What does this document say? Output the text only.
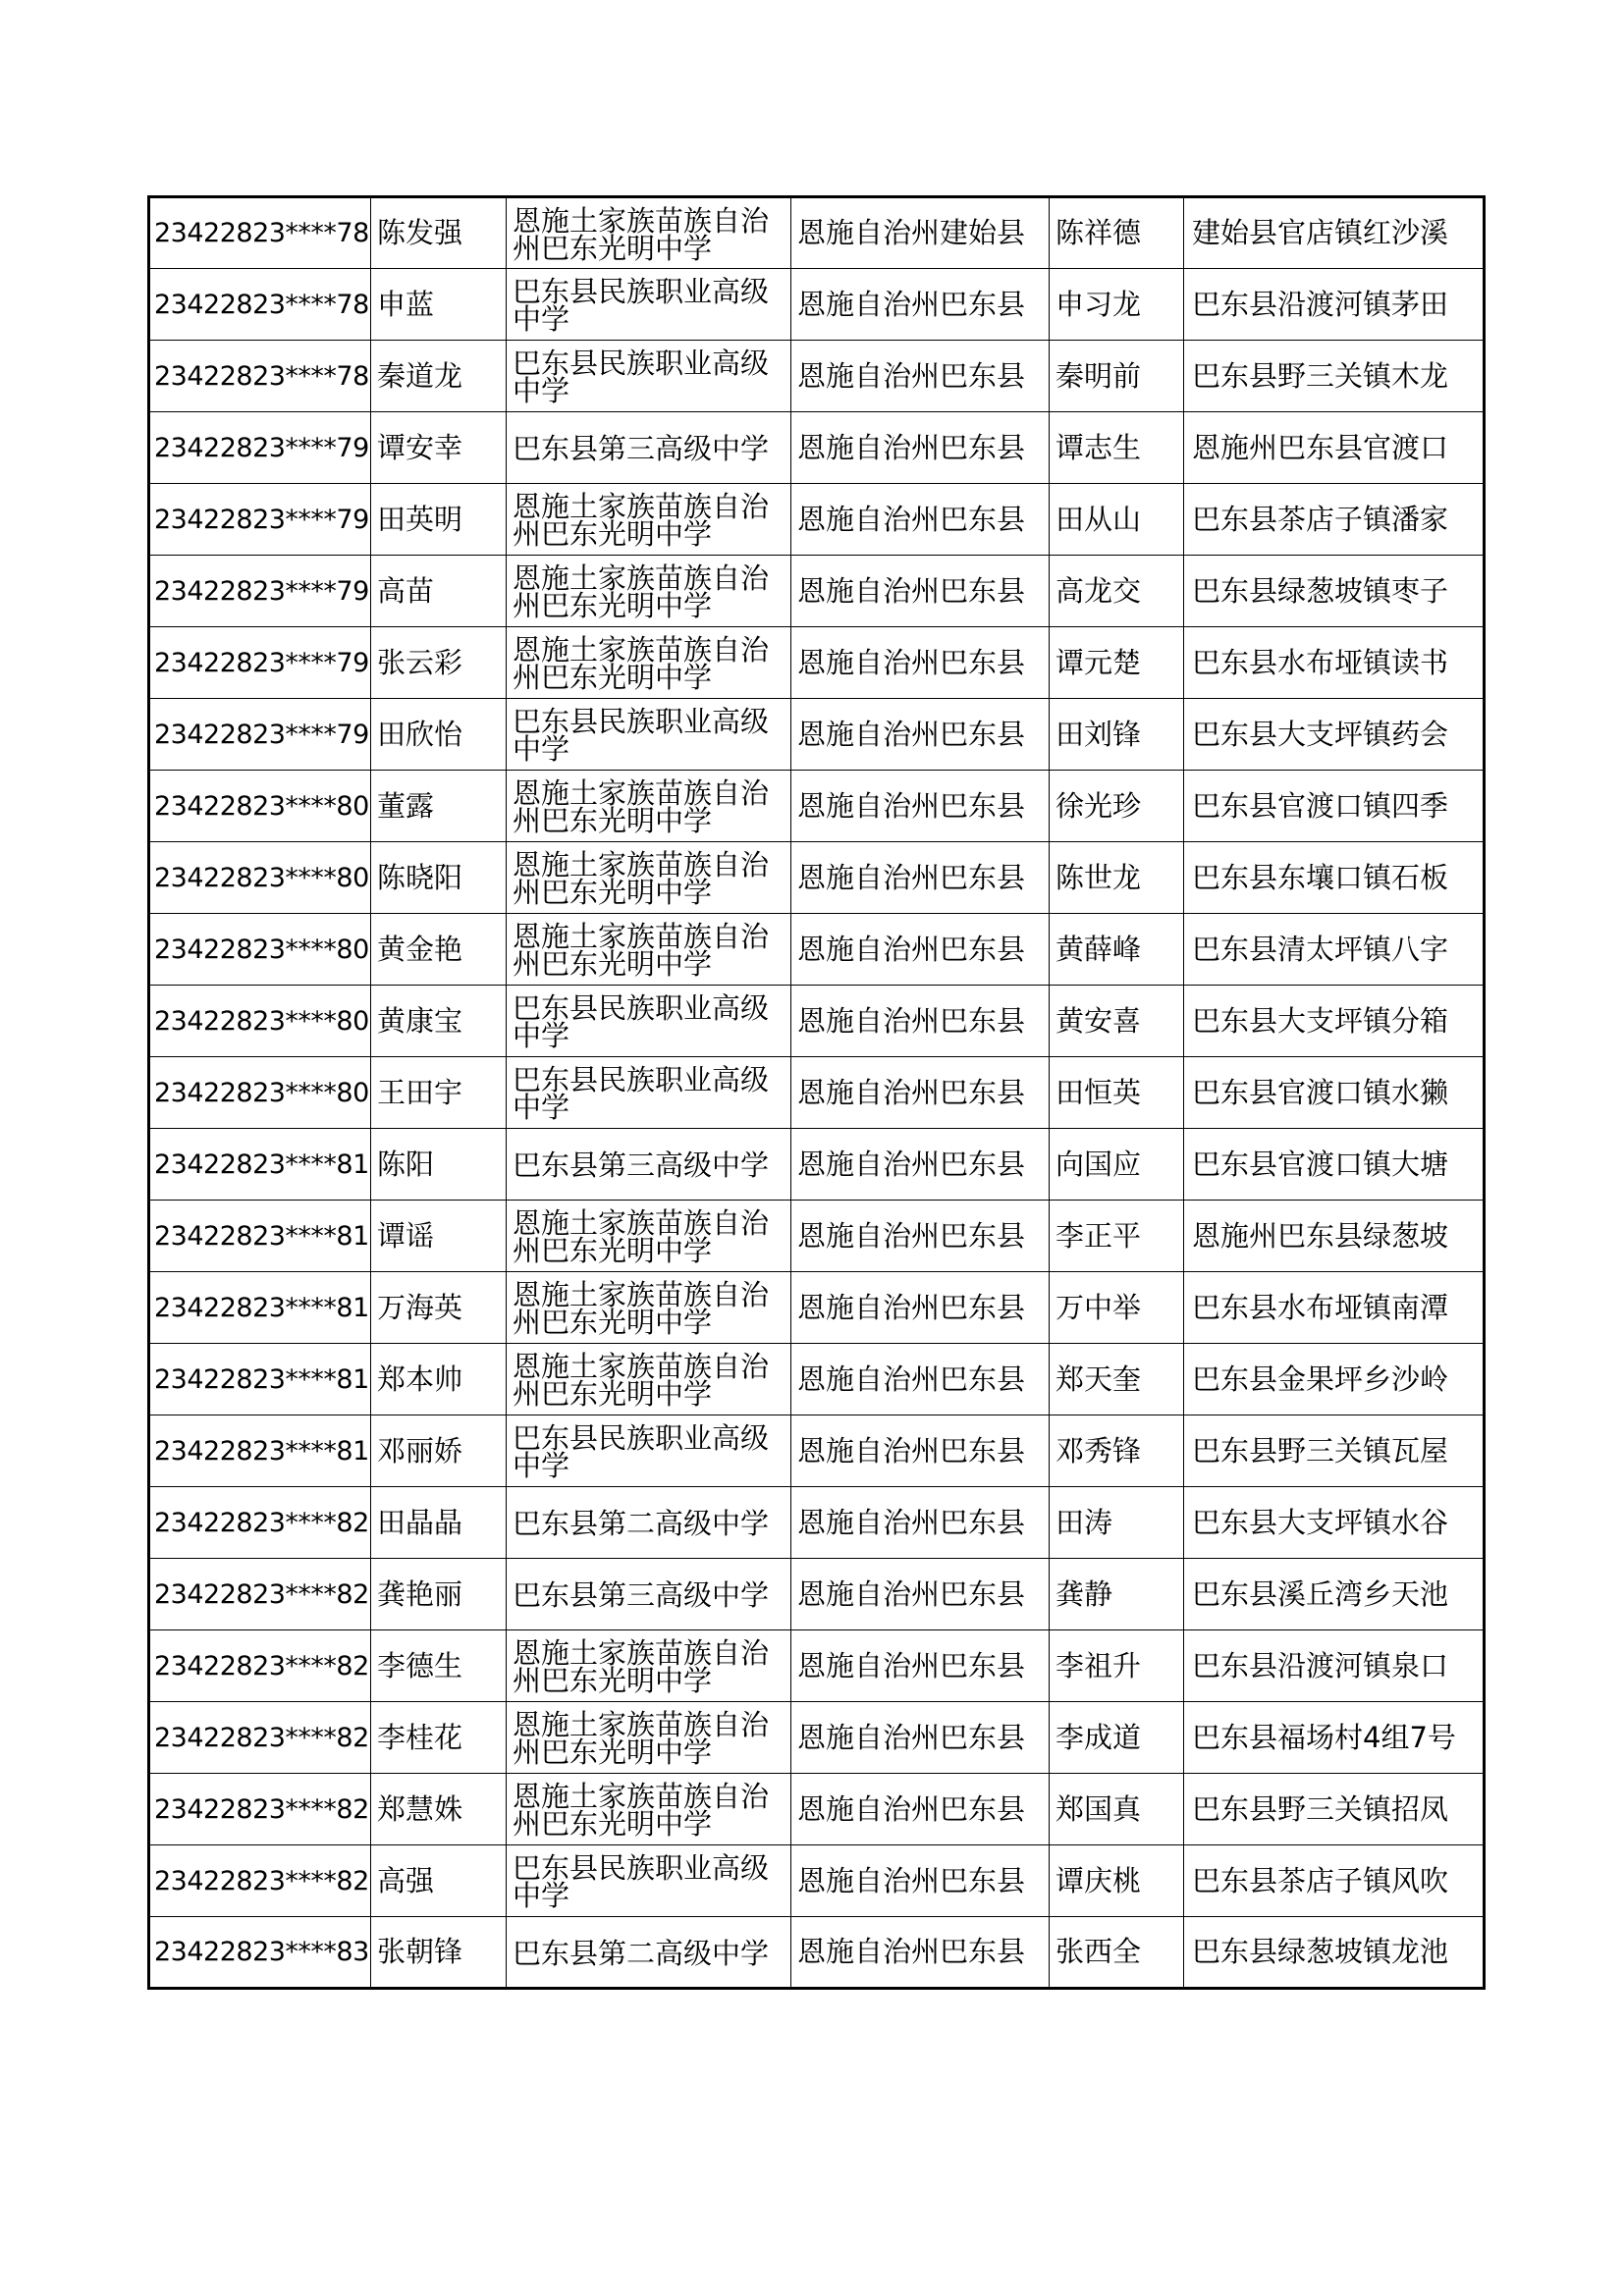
23422823****78	陈发强	恩施土家族苗族自治州巴东光明中学	恩施自治州建始县	陈祥德	建始县官店镇红沙溪
23422823****78	申蓝	巴东县民族职业高级中学	恩施自治州巴东县	申习龙	巴东县沿渡河镇茅田
23422823****78	秦道龙	巴东县民族职业高级中学	恩施自治州巴东县	秦明前	巴东县野三关镇木龙
23422823****79	谭安幸	巴东县第三高级中学	恩施自治州巴东县	谭志生	恩施州巴东县官渡口
23422823****79	田英明	恩施土家族苗族自治州巴东光明中学	恩施自治州巴东县	田从山	巴东县茶店子镇潘家
23422823****79	高苗	恩施土家族苗族自治州巴东光明中学	恩施自治州巴东县	高龙交	巴东县绿葱坡镇枣子
23422823****79	张云彩	恩施土家族苗族自治州巴东光明中学	恩施自治州巴东县	谭元楚	巴东县水布垭镇读书
23422823****79	田欣怡	巴东县民族职业高级中学	恩施自治州巴东县	田刘锋	巴东县大支坪镇药会
23422823****80	董露	恩施土家族苗族自治州巴东光明中学	恩施自治州巴东县	徐光珍	巴东县官渡口镇四季
23422823****80	陈晓阳	恩施土家族苗族自治州巴东光明中学	恩施自治州巴东县	陈世龙	巴东县东壤口镇石板
23422823****80	黄金艳	恩施土家族苗族自治州巴东光明中学	恩施自治州巴东县	黄薛峰	巴东县清太坪镇八字
23422823****80	黄康宝	巴东县民族职业高级中学	恩施自治州巴东县	黄安喜	巴东县大支坪镇分箱
23422823****80	王田宇	巴东县民族职业高级中学	恩施自治州巴东县	田恒英	巴东县官渡口镇水獭
23422823****81	陈阳	巴东县第三高级中学	恩施自治州巴东县	向国应	巴东县官渡口镇大塘
23422823****81	谭谣	恩施土家族苗族自治州巴东光明中学	恩施自治州巴东县	李正平	恩施州巴东县绿葱坡
23422823****81	万海英	恩施土家族苗族自治州巴东光明中学	恩施自治州巴东县	万中举	巴东县水布垭镇南潭
23422823****81	郑本帅	恩施土家族苗族自治州巴东光明中学	恩施自治州巴东县	郑天奎	巴东县金果坪乡沙岭
23422823****81	邓丽娇	巴东县民族职业高级中学	恩施自治州巴东县	邓秀锋	巴东县野三关镇瓦屋
23422823****82	田晶晶	巴东县第二高级中学	恩施自治州巴东县	田涛	巴东县大支坪镇水谷
23422823****82	龚艳丽	巴东县第三高级中学	恩施自治州巴东县	龚静	巴东县溪丘湾乡天池
23422823****82	李德生	恩施土家族苗族自治州巴东光明中学	恩施自治州巴东县	李祖升	巴东县沿渡河镇泉口
23422823****82	李桂花	恩施土家族苗族自治州巴东光明中学	恩施自治州巴东县	李成道	巴东县福场村4组7号
23422823****82	郑慧姝	恩施土家族苗族自治州巴东光明中学	恩施自治州巴东县	郑国真	巴东县野三关镇招凤
23422823****82	高强	巴东县民族职业高级中学	恩施自治州巴东县	谭庆桃	巴东县茶店子镇风吹
23422823****83	张朝锋	巴东县第二高级中学	恩施自治州巴东县	张西全	巴东县绿葱坡镇龙池
